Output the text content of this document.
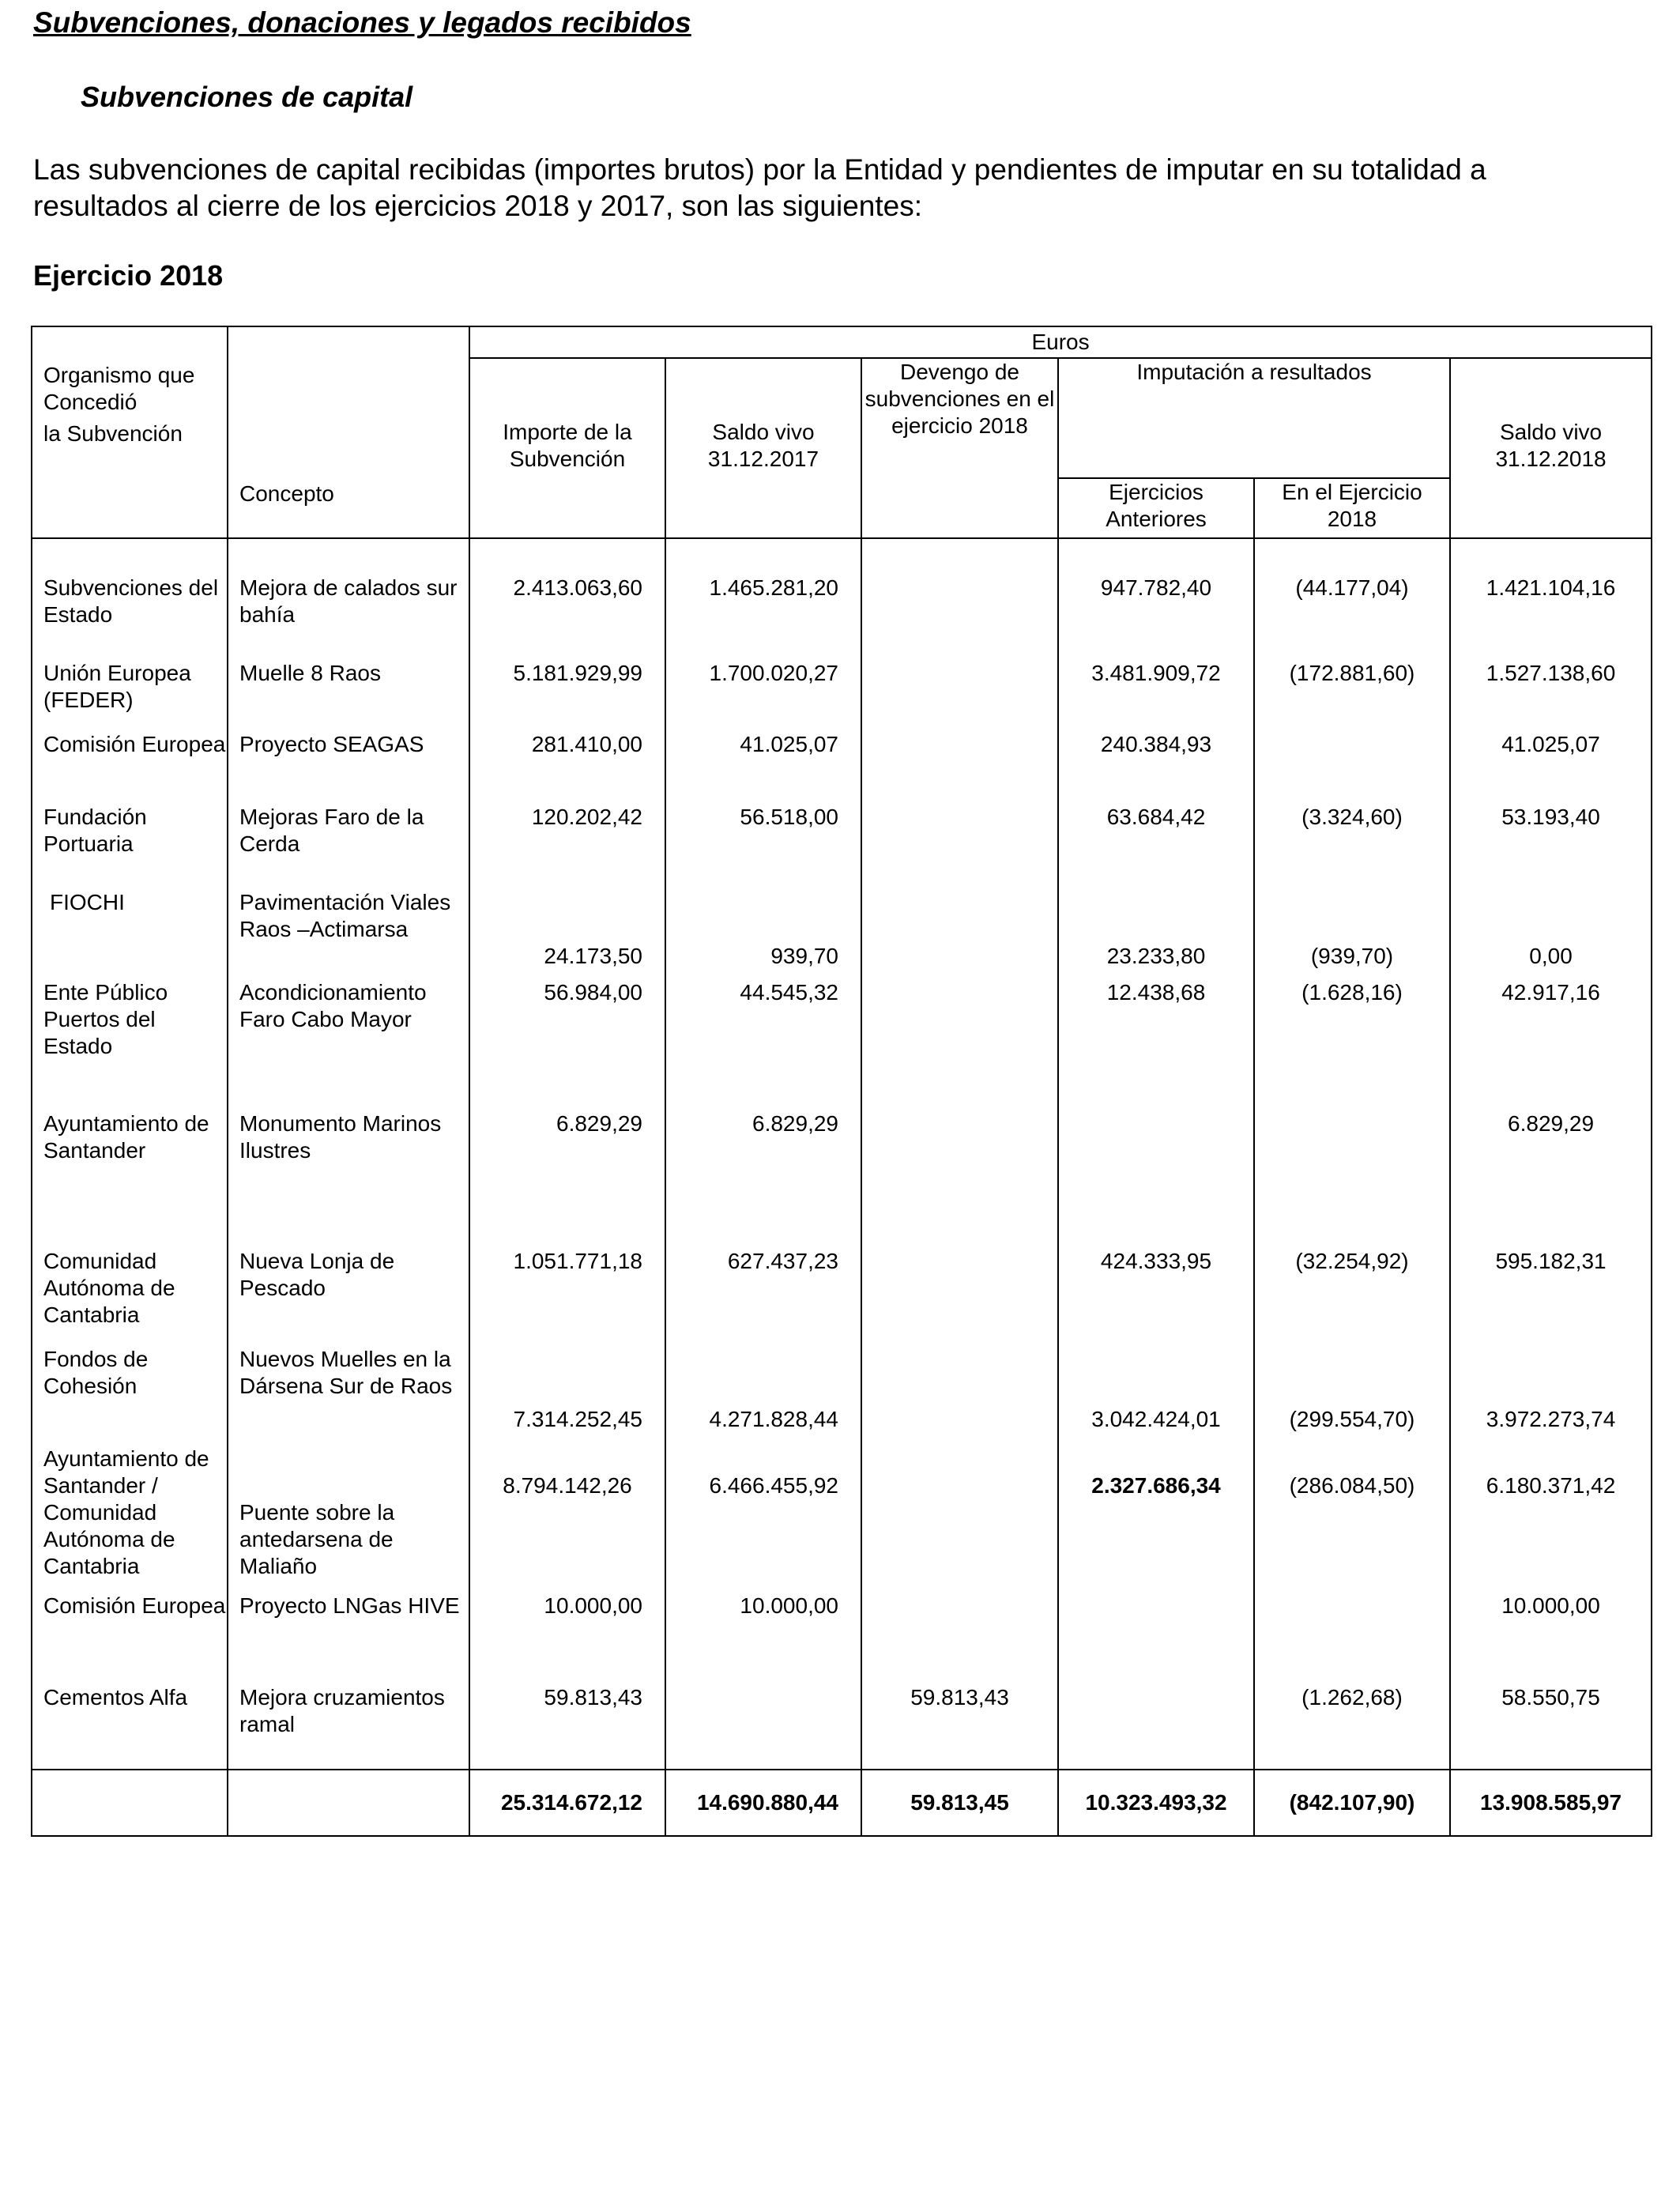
Subvenciones, donaciones y legados recibidos
Subvenciones de capital
Las subvenciones de capital recibidas (importes brutos) por la Entidad y pendientes de imputar en su totalidad a resultados al cierre de los ejercicios 2018 y 2017, son las siguientes:
Ejercicio 2018
Organismo que
Concedió
la Subvención	Concepto	Euros					
		Importe de la Subvención	Saldo vivo 31.12.2017	Devengo de subvenciones en el ejercicio 2018	Imputación a resultados		Saldo vivo 31.12.2018
					Ejercicios Anteriores	En el Ejercicio 2018	

Subvenciones del Estado	Mejora de calados sur bahía	2.413.063,60	1.465.281,20		947.782,40	(44.177,04)	1.421.104,16
Unión Europea (FEDER)	Muelle 8 Raos	5.181.929,99	1.700.020,27		3.481.909,72	(172.881,60)	1.527.138,60
Comisión Europea	Proyecto SEAGAS	281.410,00	41.025,07		240.384,93		41.025,07
Fundación Portuaria	Mejoras Faro de la Cerda	120.202,42	56.518,00		63.684,42	(3.324,60)	53.193,40
FIOCHI	Pavimentación Viales Raos –Actimarsa	24.173,50	939,70		23.233,80	(939,70)	0,00
Ente Público Puertos del Estado	Acondicionamiento Faro Cabo Mayor	56.984,00	44.545,32		12.438,68	(1.628,16)	42.917,16
Ayuntamiento de Santander	Monumento Marinos Ilustres	6.829,29	6.829,29				6.829,29
Comunidad Autónoma de Cantabria	Nueva Lonja de Pescado	1.051.771,18	627.437,23		424.333,95	(32.254,92)	595.182,31
Fondos de Cohesión	Nuevos Muelles en la Dársena Sur de Raos	7.314.252,45	4.271.828,44		3.042.424,01	(299.554,70)	3.972.273,74
Ayuntamiento de Santander / Comunidad Autónoma de Cantabria	Puente sobre la antedarsena de Maliaño	8.794.142,26	6.466.455,92		2.327.686,34	(286.084,50)	6.180.371,42
Comisión Europea	Proyecto LNGas HIVE	10.000,00	10.000,00				10.000,00
Cementos Alfa	Mejora cruzamientos ramal	59.813,43		59.813,43		(1.262,68)	58.550,75

		25.314.672,12	14.690.880,44	59.813,45	10.323.493,32	(842.107,90)	13.908.585,97
